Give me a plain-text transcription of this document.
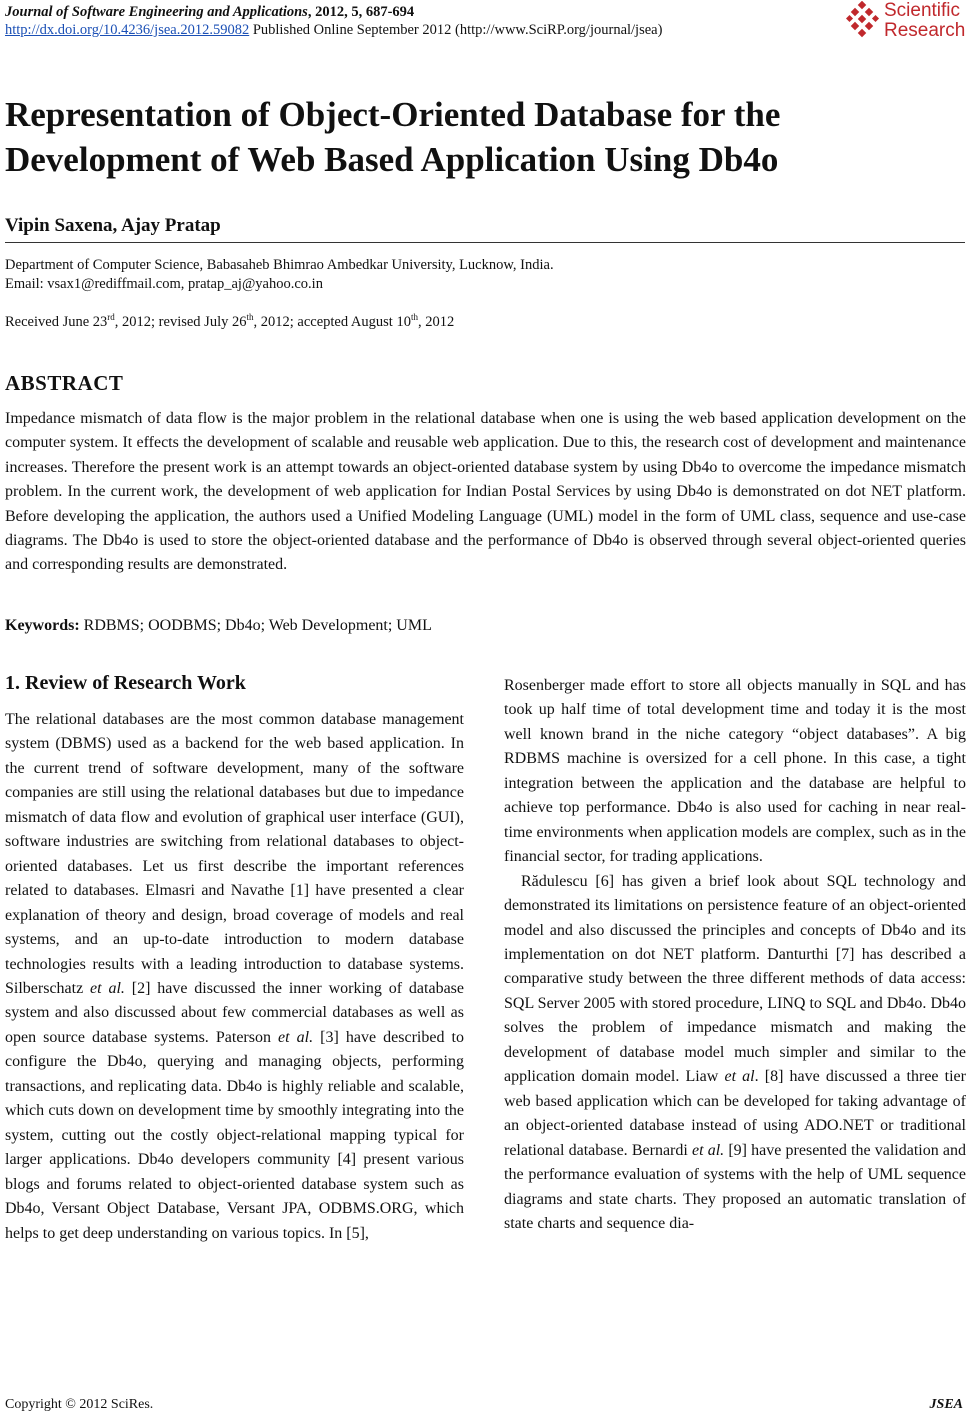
Journal of Software Engineering and Applications, 2012, 5, 687-694
http://dx.doi.org/10.4236/jsea.2012.59082 Published Online September 2012 (http://www.SciRP.org/journal/jsea)
Scientific
Research
Representation of Object-Oriented Database for the
Development of Web Based Application Using Db4o
Vipin Saxena, Ajay Pratap
Department of Computer Science, Babasaheb Bhimrao Ambedkar University, Lucknow, India.
Email: vsax1@rediffmail.com, pratap_aj@yahoo.co.in
Received June 23rd, 2012; revised July 26th, 2012; accepted August 10th, 2012
ABSTRACT
Impedance mismatch of data flow is the major problem in the relational database when one is using the web based application development on the computer system. It effects the development of scalable and reusable web application. Due to this, the research cost of development and maintenance increases. Therefore the present work is an attempt towards an object-oriented database system by using Db4o to overcome the impedance mismatch problem. In the current work, the development of web application for Indian Postal Services by using Db4o is demonstrated on dot NET platform. Before developing the application, the authors used a Unified Modeling Language (UML) model in the form of UML class, sequence and use-case diagrams. The Db4o is used to store the object-oriented database and the performance of Db4o is observed through several object-oriented queries and corresponding results are demonstrated.
Keywords: RDBMS; OODBMS; Db4o; Web Development; UML
1. Review of Research Work

The relational databases are the most common database management system (DBMS) used as a backend for the web based application. In the current trend of software development, many of the software companies are still using the relational databases but due to impedance mismatch of data flow and evolution of graphical user interface (GUI), software industries are switching from relational databases to object-oriented databases. Let us first describe the important references related to databases. Elmasri and Navathe [1] have presented a clear explanation of theory and design, broad coverage of models and real systems, and an up-to-date introduction to modern database technologies results with a leading introduction to database systems. Silberschatz et al. [2] have discussed the inner working of database system and also discussed about few commercial databases as well as open source database systems. Paterson et al. [3] have described to configure the Db4o, querying and managing objects, performing transactions, and replicating data. Db4o is highly reliable and scalable, which cuts down on development time by smoothly integrating into the system, cutting out the costly object-relational mapping typical for larger applications. Db4o developers community [4] present various blogs and forums related to object-oriented database system such as Db4o, Versant Object Database, Versant JPA, ODBMS.ORG, which helps to get deep understanding on various topics. In [5],

Rosenberger made effort to store all objects manually in SQL and has took up half time of total development time and today it is the most well known brand in the niche category “object databases”. A big RDBMS machine is oversized for a cell phone. In this case, a tight integration between the application and the database are helpful to achieve top performance. Db4o is also used for caching in near real-time environments when application models are complex, such as in the financial sector, for trading applications.

Rădulescu [6] has given a brief look about SQL technology and demonstrated its limitations on persistence feature of an object-oriented model and also discussed the principles and concepts of Db4o and its implementation on dot NET platform. Danturthi [7] has described a comparative study between the three different methods of data access: SQL Server 2005 with stored procedure, LINQ to SQL and Db4o. Db4o solves the problem of impedance mismatch and making the development of database model much simpler and similar to the application domain model. Liaw et al. [8] have discussed a three tier web based application which can be developed for taking advantage of an object-oriented database instead of using ADO.NET or traditional relational database. Bernardi et al. [9] have presented the validation and the performance evaluation of systems with the help of UML sequence diagrams and state charts. They proposed an automatic translation of state charts and sequence dia-

Copyright © 2012 SciRes.	JSEA
